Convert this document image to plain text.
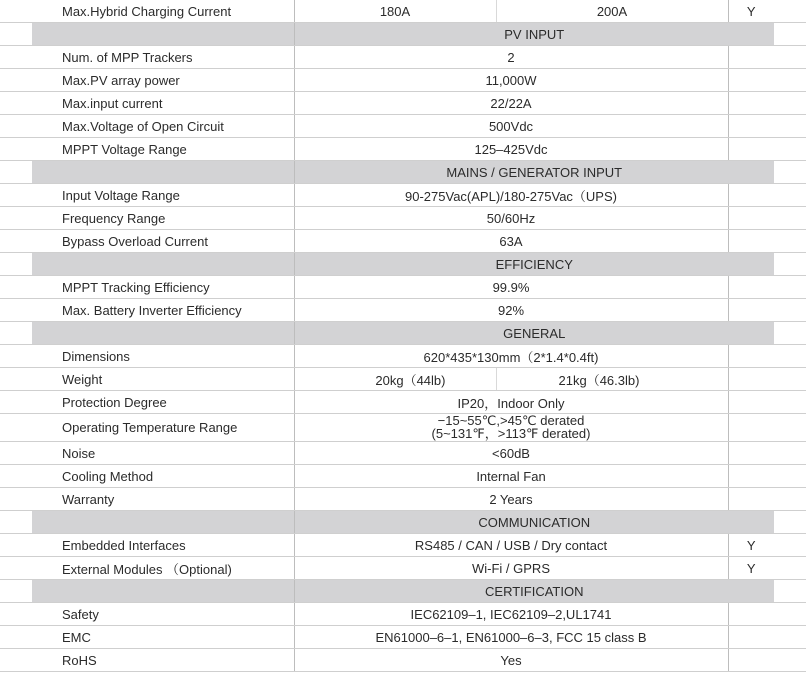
	Max.Hybrid Charging Current	180A	200A	Y	
		PV INPUT			
	Num. of MPP Trackers	2			
	Max.PV array power	11,000W			
	Max.input current	22/22A			
	Max.Voltage of Open Circuit	500Vdc			
	MPPT Voltage Range	125–425Vdc			
		MAINS / GENERATOR INPUT			
	Input Voltage Range	90-275Vac(APL)/180-275Vac（UPS)			
	Frequency Range	50/60Hz			
	Bypass Overload Current	63A			
		EFFICIENCY			
	MPPT Tracking Efficiency	99.9%			
	Max. Battery Inverter Efficiency	92%			
		GENERAL			
	Dimensions	620*435*130mm（2*1.4*0.4ft)			
	Weight	20kg（44lb)	21kg（46.3lb)		
	Protection Degree	IP20，Indoor Only			
	Operating Temperature Range	−15~55℃,>45℃ derated
(5~131℉，>113℉ derated)			
	Noise	<60dB			
	Cooling Method	Internal Fan			
	Warranty	2 Years			
		COMMUNICATION			
	Embedded Interfaces	RS485 / CAN / USB / Dry contact		Y	
	External Modules （Optional)	Wi-Fi / GPRS		Y	
		CERTIFICATION			
	Safety	IEC62109–1, IEC62109–2,UL1741			
	EMC	EN61000–6–1, EN61000–6–3, FCC 15 class B			
	RoHS	Yes			
